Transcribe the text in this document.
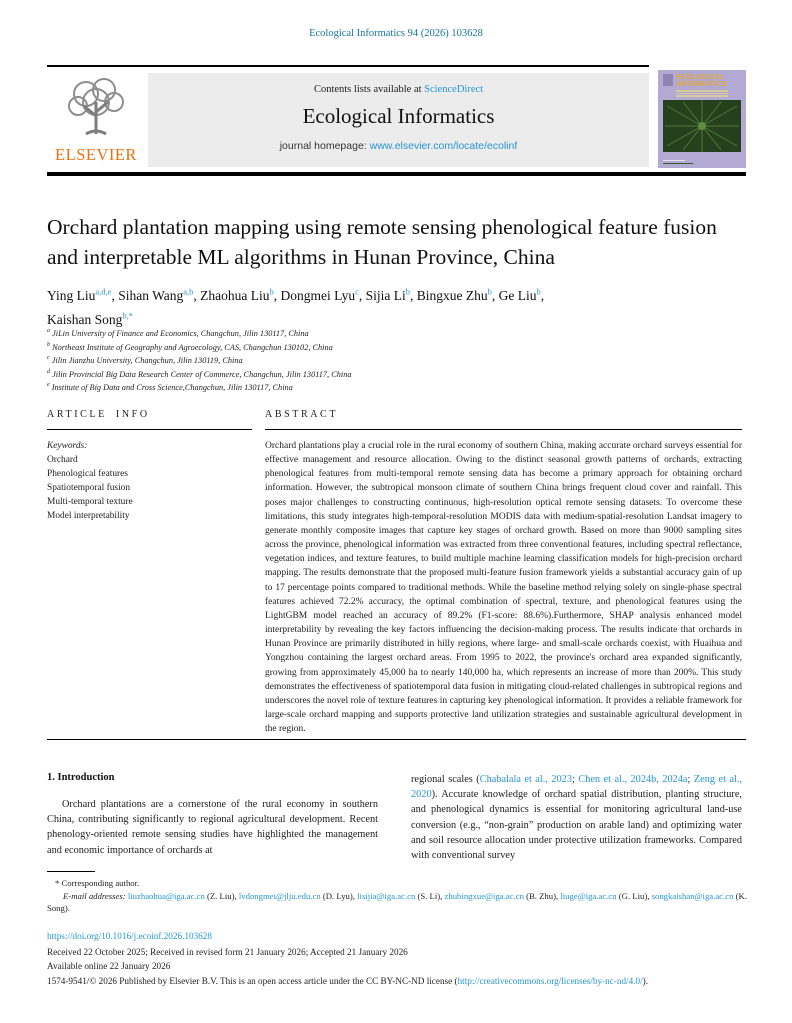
Ecological Informatics 94 (2026) 103628
ELSEVIER
Contents lists available at ScienceDirect
Ecological Informatics
journal homepage: www.elsevier.com/locate/ecolinf
ECOLOGICAL
INFORMATICS
Orchard plantation mapping using remote sensing phenological feature fusion and interpretable ML algorithms in Hunan Province, China
Ying Liu$^{a,d,e}$, Sihan Wang$^{a,b}$, Zhaohua Liu$^b$, Dongmei Lyu$^c$, Sijia Li$^b$, Bingxue Zhu$^b$, Ge Liu$^b$,
Kaishan Song$^{b,*}$
$^a$ JiLin University of Finance and Economics, Changchun, Jilin 130117, China
$^b$ Northeast Institute of Geography and Agroecology, CAS, Changchun 130102, China
$^c$ Jilin Jianzhu University, Changchun, Jilin 130119, China
$^d$ Jilin Provincial Big Data Research Center of Commerce, Changchun, Jilin 130117, China
$^e$ Institute of Big Data and Cross Science,Changchun, Jilin 130117, China
ARTICLE INFO
Keywords:
Orchard
Phenological features
Spatiotemporal fusion
Multi-temporal texture
Model interpretability
ABSTRACT
Orchard plantations play a crucial role in the rural economy of southern China, making accurate orchard surveys essential for effective management and resource allocation. Owing to the distinct seasonal growth patterns of orchards, extracting phenological features from multi-temporal remote sensing data has become a primary approach for obtaining orchard information. However, the subtropical monsoon climate of southern China brings frequent cloud cover and rainfall. This poses major challenges to constructing continuous, high-resolution optical remote sensing datasets. To overcome these limitations, this study integrates high-temporal-resolution MODIS data with medium-spatial-resolution Landsat imagery to generate monthly composite images that capture key stages of orchard growth. Based on more than 9000 sampling sites across the province, phenological information was extracted from three conventional features, including spectral reflectance, vegetation indices, and texture features, to build multiple machine learning classification models for high-precision orchard mapping. The results demonstrate that the proposed multi-feature fusion framework yields a substantial accuracy gain of up to 17 percentage points compared to traditional methods. While the baseline method relying solely on single-phase spectral features achieved 72.2% accuracy, the optimal combination of spectral, texture, and phenological features using the LightGBM model reached an accuracy of 89.2% (F1-score: 88.6%).Furthermore, SHAP analysis enhanced model interpretability by revealing the key factors influencing the decision-making process. The results indicate that orchards in Hunan Province are primarily distributed in hilly regions, where large- and small-scale orchards coexist, with Huaihua and Yongzhou containing the largest orchard areas. From 1995 to 2022, the province's orchard area expanded significantly, growing from approximately 45,000 ha to nearly 140,000 ha, which represents an increase of more than 200%. This study demonstrates the effectiveness of spatiotemporal data fusion in mitigating cloud-related challenges in subtropical regions and underscores the novel role of texture features in capturing key phenological information. It provides a reliable framework for large-scale orchard mapping and supports protective land utilization strategies and sustainable agricultural development in the region.
1. Introduction

Orchard plantations are a cornerstone of the rural economy in southern China, contributing significantly to regional agricultural development. Recent phenology-oriented remote sensing studies have highlighted the management and economic importance of orchards at

regional scales (Chabalala et al., 2023; Chen et al., 2024b, 2024a; Zeng et al., 2020). Accurate knowledge of orchard spatial distribution, planting structure, and phenological dynamics is essential for monitoring agricultural land-use conversion (e.g., “non-grain” production on arable land) and optimizing water and soil resource allocation under protective utilization frameworks. Compared with conventional survey
* Corresponding author.
E-mail addresses: liuzhaohua@iga.ac.cn (Z. Liu), lvdongmei@jlju.edu.cn (D. Lyu), lisijia@iga.ac.cn (S. Li), zhubingxue@iga.ac.cn (B. Zhu), liuge@iga.ac.cn (G. Liu), songkaishan@iga.ac.cn (K. Song).
https://doi.org/10.1016/j.ecoinf.2026.103628
Received 22 October 2025; Received in revised form 21 January 2026; Accepted 21 January 2026
Available online 22 January 2026
1574-9541/© 2026 Published by Elsevier B.V. This is an open access article under the CC BY-NC-ND license (http://creativecommons.org/licenses/by-nc-nd/4.0/).
